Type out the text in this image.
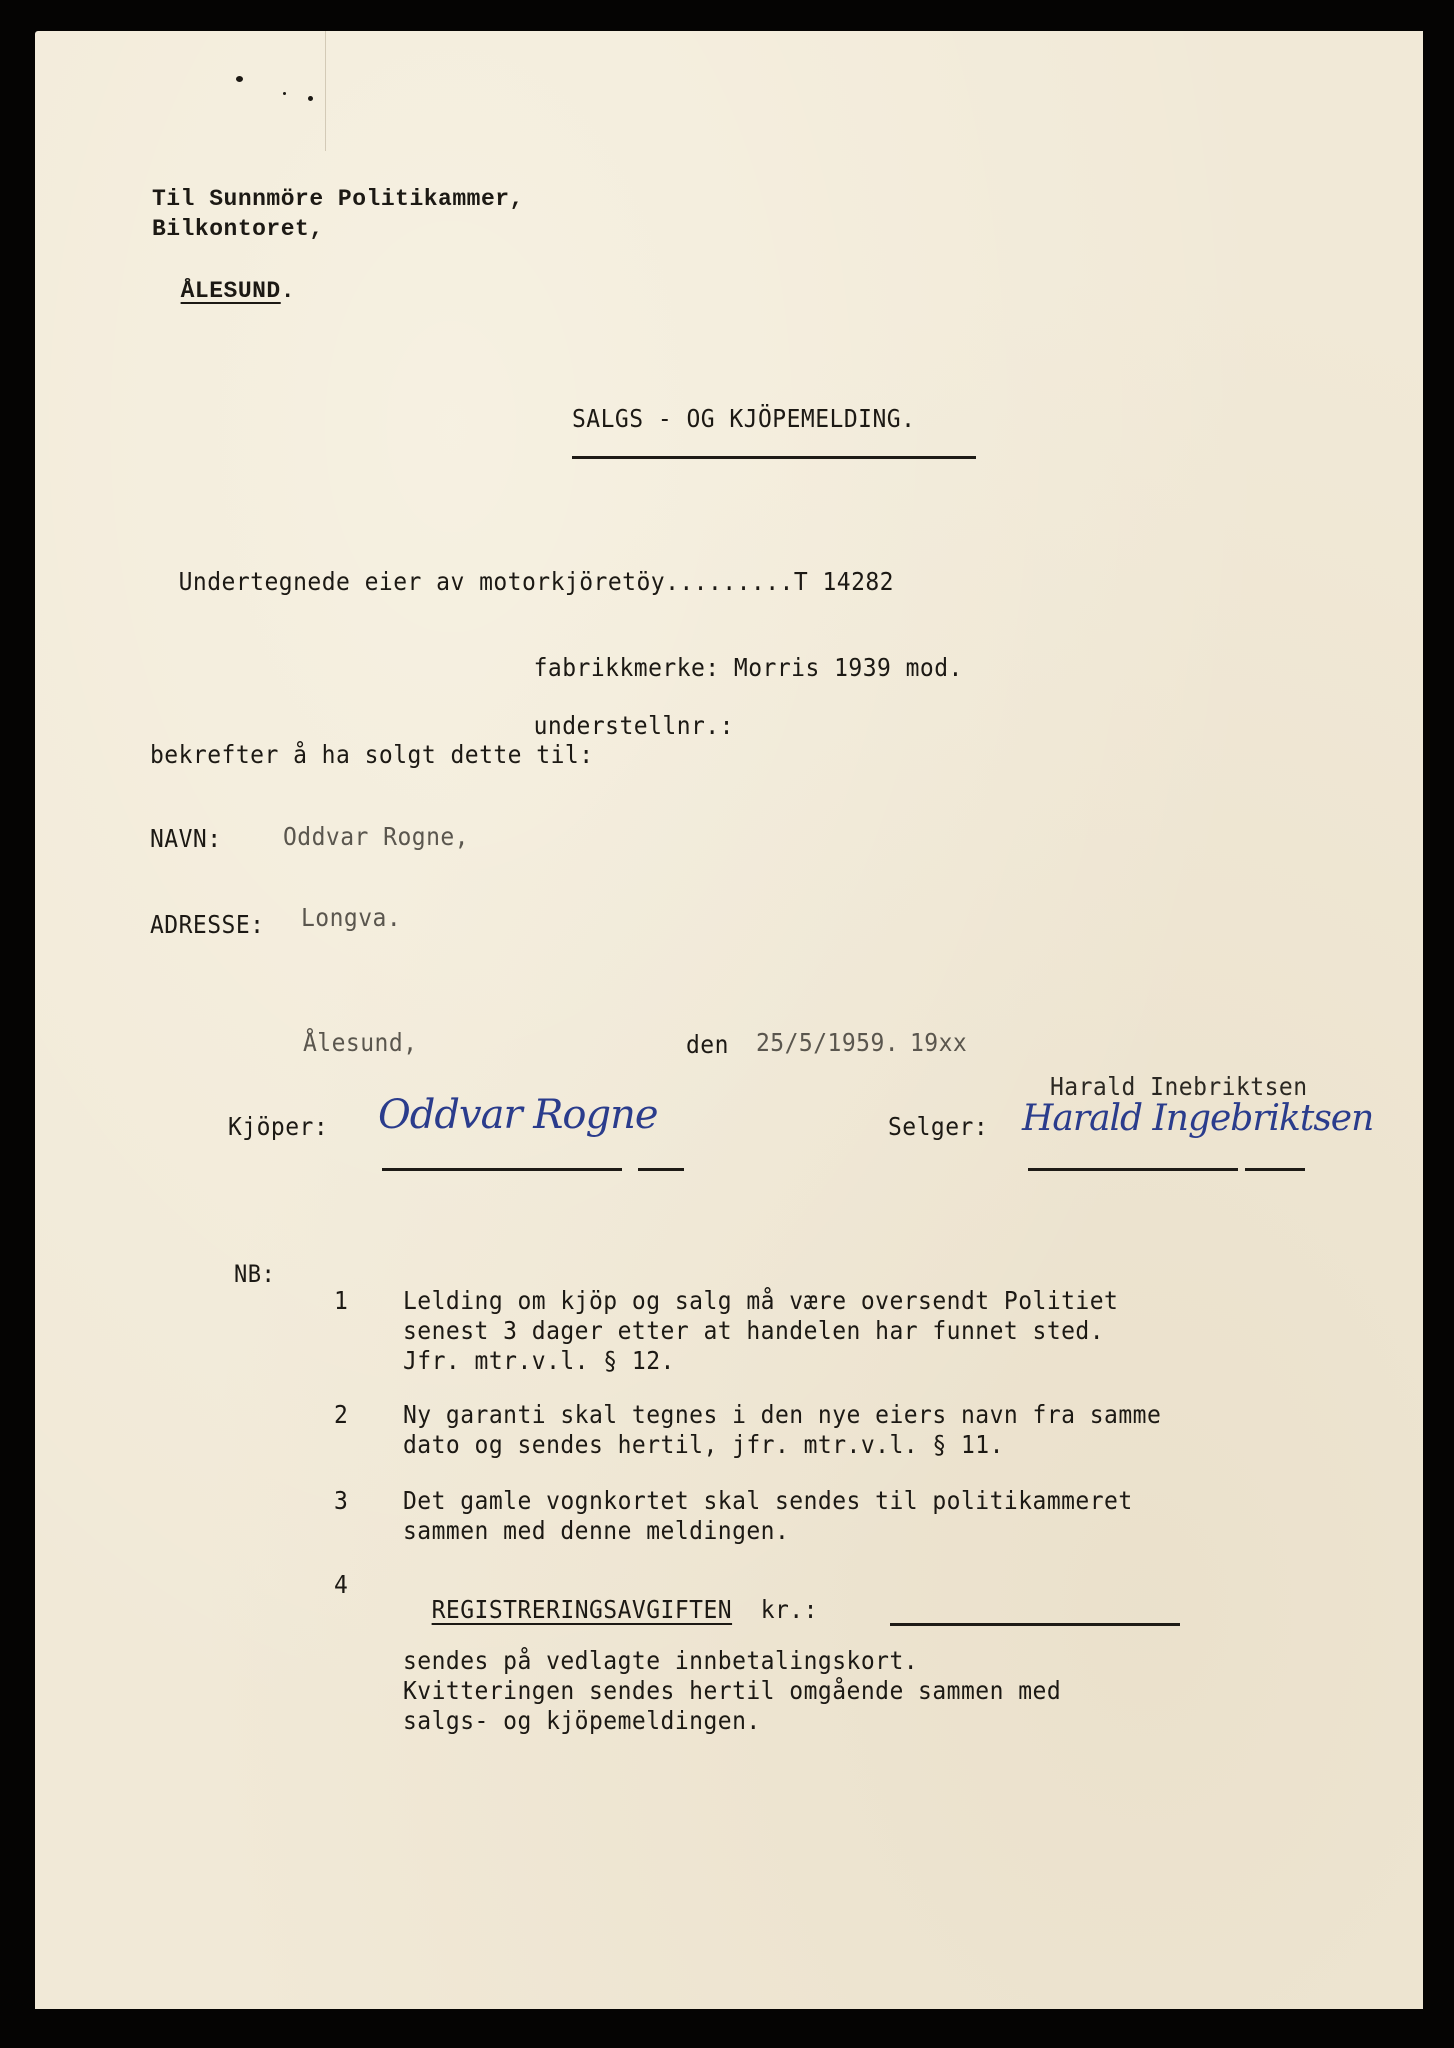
Til Sunnmöre Politikammer,
Bilkontoret,

ÅLESUND.

SALGS - OG KJÖPEMELDING.

Undertegnede eier av motorkjöretöy.........T 14282

fabrikkmerke: Morris 1939 mod.

understellnr.:

bekrefter å ha solgt dette til:
NAVN: Oddvar Rogne,
ADRESSE: Longva.
Ålesund,	den 25/5/1959. 19xx
Harald Inebriktsen
Kjöper: Oddvar Rogne	Selger: Harald Ingebriktsen
NB:
1 Lelding om kjöp og salg må være oversendt Politiet
senest 3 dager etter at handelen har funnet sted.
Jfr. mtr.v.l. § 12.
2 Ny garanti skal tegnes i den nye eiers navn fra samme
dato og sendes hertil, jfr. mtr.v.l. § 11.
3 Det gamle vognkortet skal sendes til politikammeret
sammen med denne meldingen.
4

REGISTRERINGSAVGIFTEN kr.:

sendes på vedlagte innbetalingskort.
Kvitteringen sendes hertil omgående sammen med
salgs- og kjöpemeldingen.
